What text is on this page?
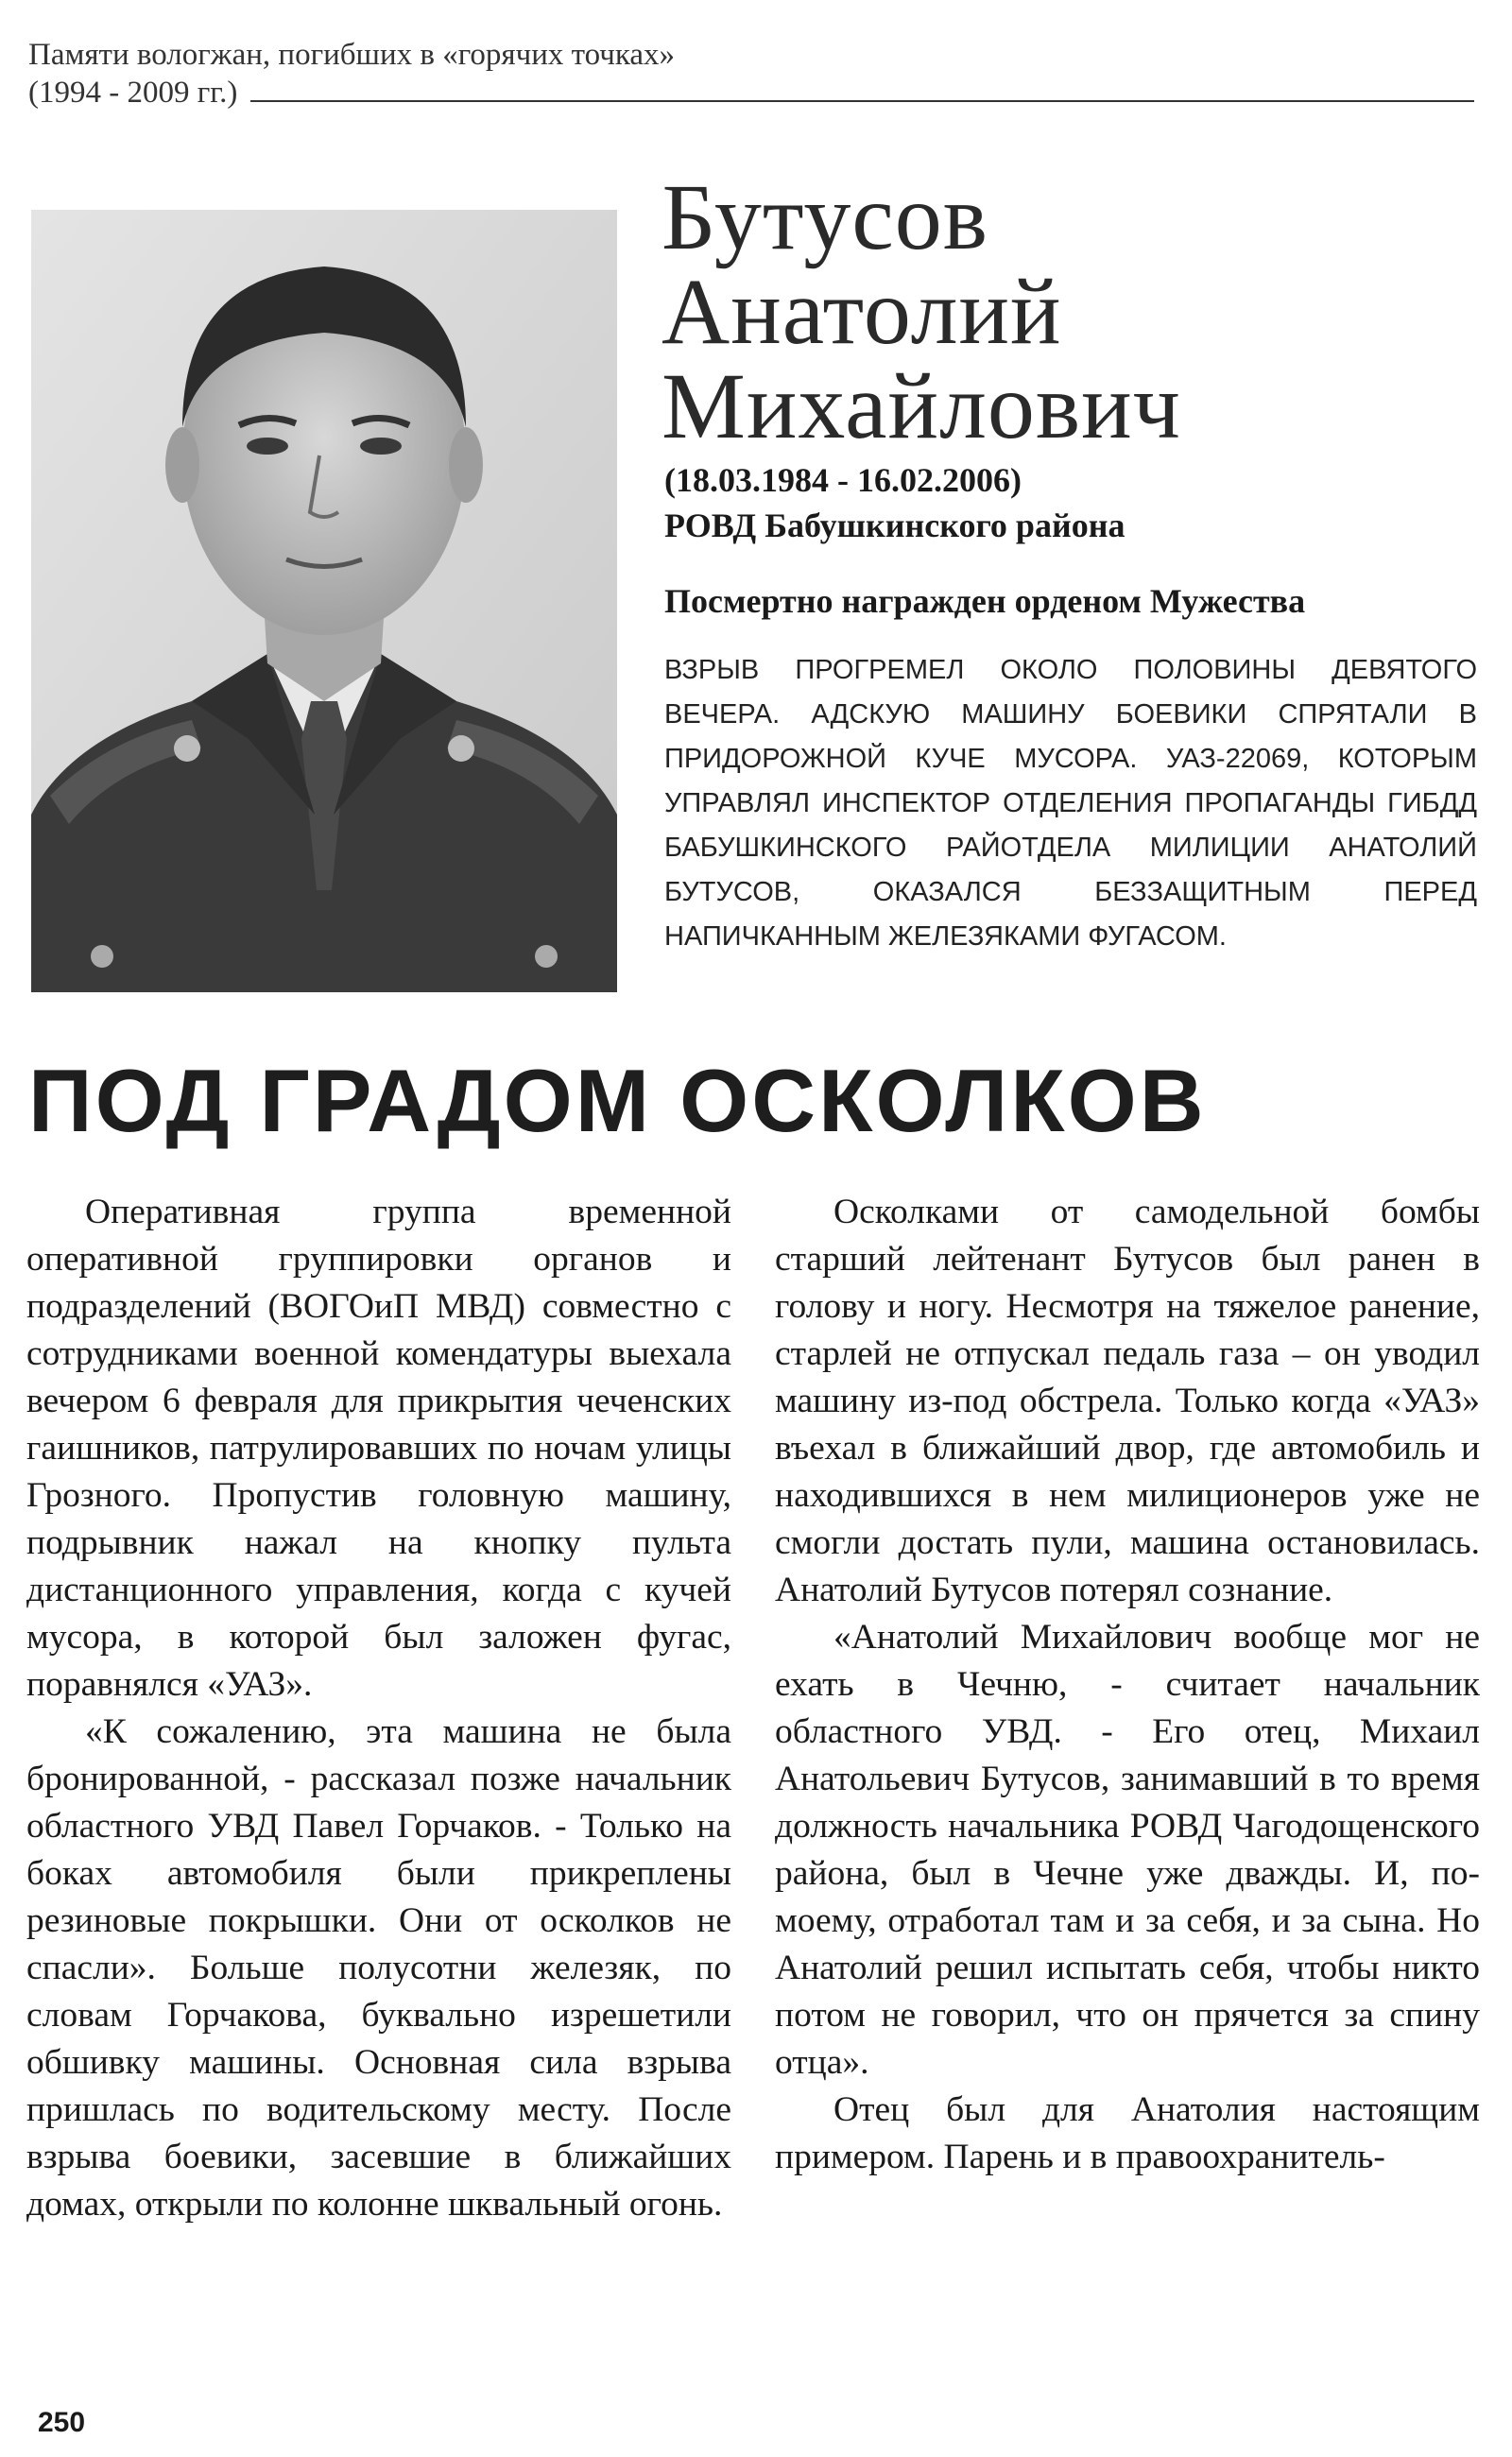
Памяти вологжан, погибших в «горячих точках»
(1994 - 2009 гг.)
Бутусов
Анатолий
Михайлович
(18.03.1984 - 16.02.2006)
РОВД Бабушкинского района
Посмертно награжден орденом Мужества
ВЗРЫВ ПРОГРЕМЕЛ ОКОЛО ПОЛОВИНЫ ДЕВЯТОГО ВЕЧЕРА. АДСКУЮ МАШИНУ БОЕВИКИ СПРЯТАЛИ В ПРИДОРОЖНОЙ КУЧЕ МУСОРА. УАЗ-22069, КОТОРЫМ УПРАВЛЯЛ ИНСПЕКТОР ОТДЕЛЕНИЯ ПРОПАГАНДЫ ГИБДД БАБУШКИНСКОГО РАЙОТДЕЛА МИЛИЦИИ АНАТОЛИЙ БУТУСОВ, ОКАЗАЛСЯ БЕЗЗАЩИТНЫМ ПЕРЕД НАПИЧКАННЫМ ЖЕЛЕЗЯКАМИ ФУГАСОМ.
ПОД ГРАДОМ ОСКОЛКОВ

Оперативная группа временной оперативной группировки органов и подразделений (ВОГОиП МВД) совместно с сотрудниками военной комендатуры выехала вечером 6 февраля для прикрытия чеченских гаишников, патрулировавших по ночам улицы Грозного. Пропустив головную машину, подрывник нажал на кнопку пульта дистанционного управления, когда с кучей мусора, в которой был заложен фугас, поравнялся «УАЗ».

«К сожалению, эта машина не была бронированной, - рассказал позже начальник областного УВД Павел Горчаков. - Только на боках автомобиля были прикреплены резиновые покрышки. Они от осколков не спасли». Больше полусотни железяк, по словам Горчакова, буквально изрешетили обшивку машины. Основная сила взрыва пришлась по водительскому месту. После взрыва боевики, засевшие в ближайших домах, открыли по колонне шквальный огонь.

Осколками от самодельной бомбы старший лейтенант Бутусов был ранен в голову и ногу. Несмотря на тяжелое ранение, старлей не отпускал педаль газа – он уводил машину из-под обстрела. Только когда «УАЗ» въехал в ближайший двор, где автомобиль и находившихся в нем милиционеров уже не смогли достать пули, машина остановилась. Анатолий Бутусов потерял сознание.

«Анатолий Михайлович вообще мог не ехать в Чечню, - считает начальник областного УВД. - Его отец, Михаил Анатольевич Бутусов, занимавший в то время должность начальника РОВД Чагодощенского района, был в Чечне уже дважды. И, по-моему, отработал там и за себя, и за сына. Но Анатолий решил испытать себя, чтобы никто потом не говорил, что он прячется за спину отца».

Отец был для Анатолия настоящим примером. Парень и в правоохранитель-

250
